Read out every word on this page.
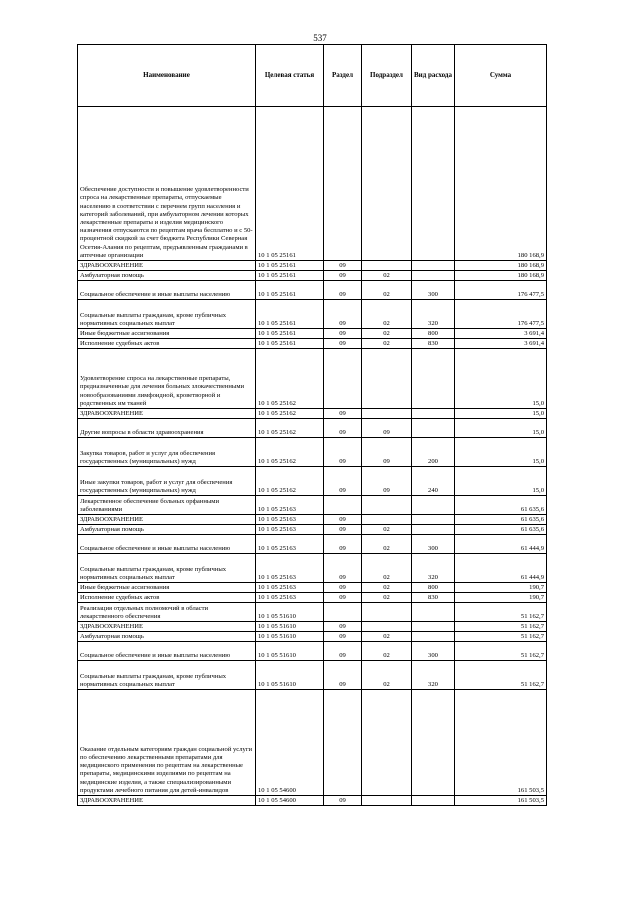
537
Наименование	Целевая статья	Раздел	Подраздел	Вид расхода	Сумма
Обеспечение доступности и повышение удовлетворенности спроса на лекарственные препараты, отпускаемые населению в соответствии с перечнем групп населения и категорий заболеваний, при амбулаторном лечении которых лекарственные препараты и изделия медицинского назначения отпускаются по рецептам врача бесплатно и с 50-процентной скидкой за счет бюджета Республики Северная Осетия-Алания по рецептам, предъявленным гражданами в аптечные организации	10 1 05 25161				180 168,9
ЗДРАВООХРАНЕНИЕ	10 1 05 25161	09			180 168,9
Амбулаторная помощь	10 1 05 25161	09	02		180 168,9
Социальное обеспечение и иные выплаты населению	10 1 05 25161	09	02	300	176 477,5
Социальные выплаты гражданам, кроме публичных нормативных социальных выплат	10 1 05 25161	09	02	320	176 477,5
Иные бюджетные ассигнования	10 1 05 25161	09	02	800	3 691,4
Исполнение судебных актов	10 1 05 25161	09	02	830	3 691,4
Удовлетворение спроса на лекарственные препараты, предназначенные для лечения больных злокачественными новообразованиями лимфоидной, кроветворной и родственных им тканей	10 1 05 25162				15,0
ЗДРАВООХРАНЕНИЕ	10 1 05 25162	09			15,0
Другие вопросы в области здравоохранения	10 1 05 25162	09	09		15,0
Закупка товаров, работ и услуг для обеспечения государственных (муниципальных) нужд	10 1 05 25162	09	09	200	15,0
Иные закупки товаров, работ и услуг для обеспечения государственных (муниципальных) нужд	10 1 05 25162	09	09	240	15,0
Лекарственное обеспечение больных орфанными заболеваниями	10 1 05 25163				61 635,6
ЗДРАВООХРАНЕНИЕ	10 1 05 25163	09			61 635,6
Амбулаторная помощь	10 1 05 25163	09	02		61 635,6
Социальное обеспечение и иные выплаты населению	10 1 05 25163	09	02	300	61 444,9
Социальные выплаты гражданам, кроме публичных нормативных социальных выплат	10 1 05 25163	09	02	320	61 444,9
Иные бюджетные ассигнования	10 1 05 25163	09	02	800	190,7
Исполнение судебных актов	10 1 05 25163	09	02	830	190,7
Реализация отдельных полномочий в области лекарственного обеспечения	10 1 05 51610				51 162,7
ЗДРАВООХРАНЕНИЕ	10 1 05 51610	09			51 162,7
Амбулаторная помощь	10 1 05 51610	09	02		51 162,7
Социальное обеспечение и иные выплаты населению	10 1 05 51610	09	02	300	51 162,7
Социальные выплаты гражданам, кроме публичных нормативных социальных выплат	10 1 05 51610	09	02	320	51 162,7
Оказание отдельным категориям граждан социальной услуги по обеспечению лекарственными препаратами для медицинского применения по рецептам на лекарственные препараты, медицинскими изделиями по рецептам на медицинские изделия, а также специализированными продуктами лечебного питания для детей-инвалидов	10 1 05 54600				161 503,5
ЗДРАВООХРАНЕНИЕ	10 1 05 54600	09			161 503,5
